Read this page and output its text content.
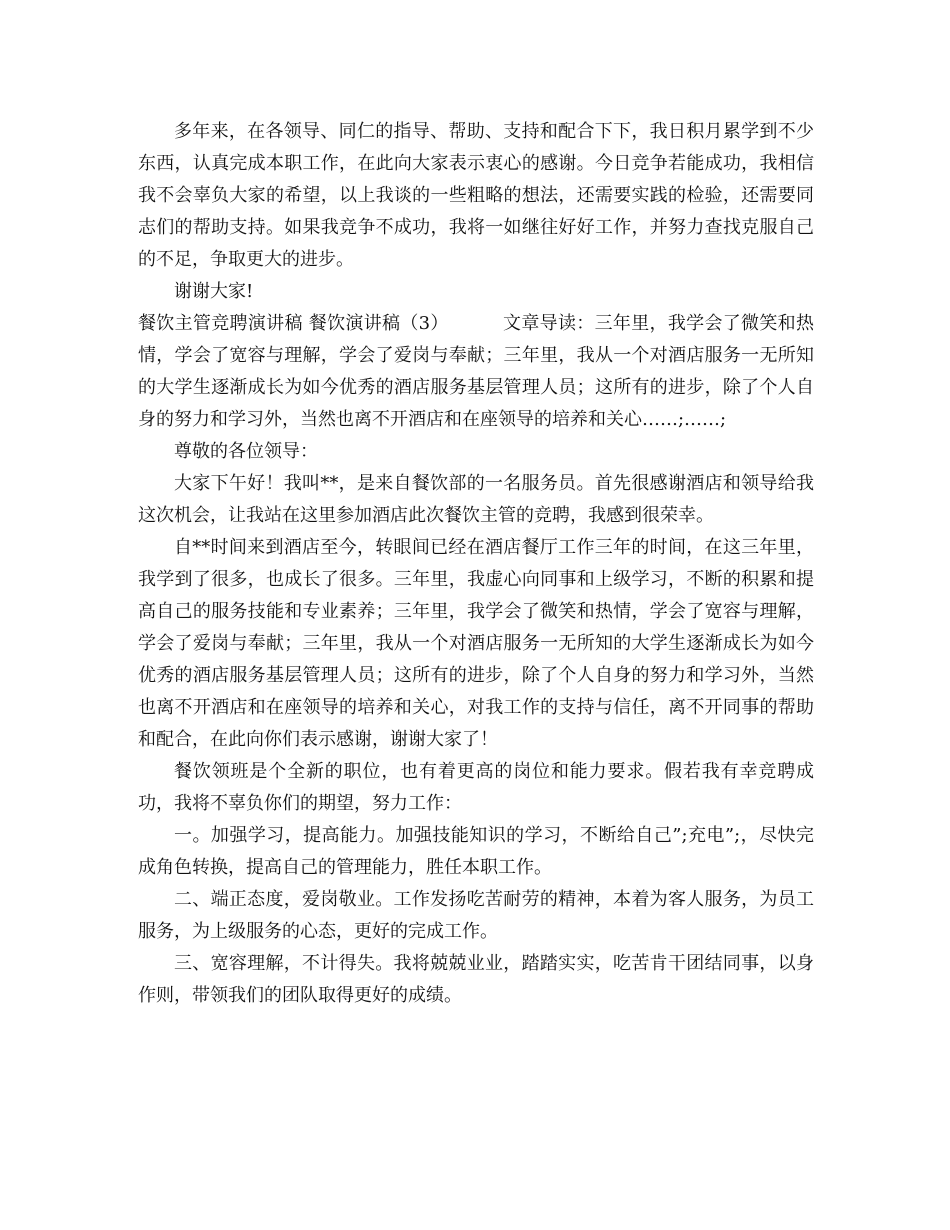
多年来，在各领导、同仁的指导、帮助、支持和配合下下，我日积月累学到不少东西，认真完成本职工作，在此向大家表示衷心的感谢。今日竞争若能成功，我相信我不会辜负大家的希望，以上我谈的一些粗略的想法，还需要实践的检验，还需要同志们的帮助支持。如果我竞争不成功，我将一如继往好好工作，并努力查找克服自己的不足，争取更大的进步。

谢谢大家!

餐饮主管竞聘演讲稿 餐饮演讲稿（3）	文章导读：三年里，我学会了微笑和热情，学会了宽容与理解，学会了爱岗与奉献；三年里，我从一个对酒店服务一无所知的大学生逐渐成长为如今优秀的酒店服务基层管理人员；这所有的进步，除了个人自身的努力和学习外，当然也离不开酒店和在座领导的培养和关心……;……;

尊敬的各位领导：

大家下午好！我叫**，是来自餐饮部的一名服务员。首先很感谢酒店和领导给我这次机会，让我站在这里参加酒店此次餐饮主管的竞聘，我感到很荣幸。

自**时间来到酒店至今，转眼间已经在酒店餐厅工作三年的时间，在这三年里，我学到了很多，也成长了很多。三年里，我虚心向同事和上级学习，不断的积累和提高自己的服务技能和专业素养；三年里，我学会了微笑和热情，学会了宽容与理解，学会了爱岗与奉献；三年里，我从一个对酒店服务一无所知的大学生逐渐成长为如今优秀的酒店服务基层管理人员；这所有的进步，除了个人自身的努力和学习外，当然也离不开酒店和在座领导的培养和关心，对我工作的支持与信任，离不开同事的帮助和配合，在此向你们表示感谢，谢谢大家了！

餐饮领班是个全新的职位，也有着更高的岗位和能力要求。假若我有幸竞聘成功，我将不辜负你们的期望，努力工作：

一。加强学习，提高能力。加强技能知识的学习，不断给自己”;充电”;，尽快完成角色转换，提高自己的管理能力，胜任本职工作。

二、端正态度，爱岗敬业。工作发扬吃苦耐劳的精神，本着为客人服务，为员工服务，为上级服务的心态，更好的完成工作。

三、宽容理解，不计得失。我将兢兢业业，踏踏实实，吃苦肯干团结同事，以身作则，带领我们的团队取得更好的成绩。
